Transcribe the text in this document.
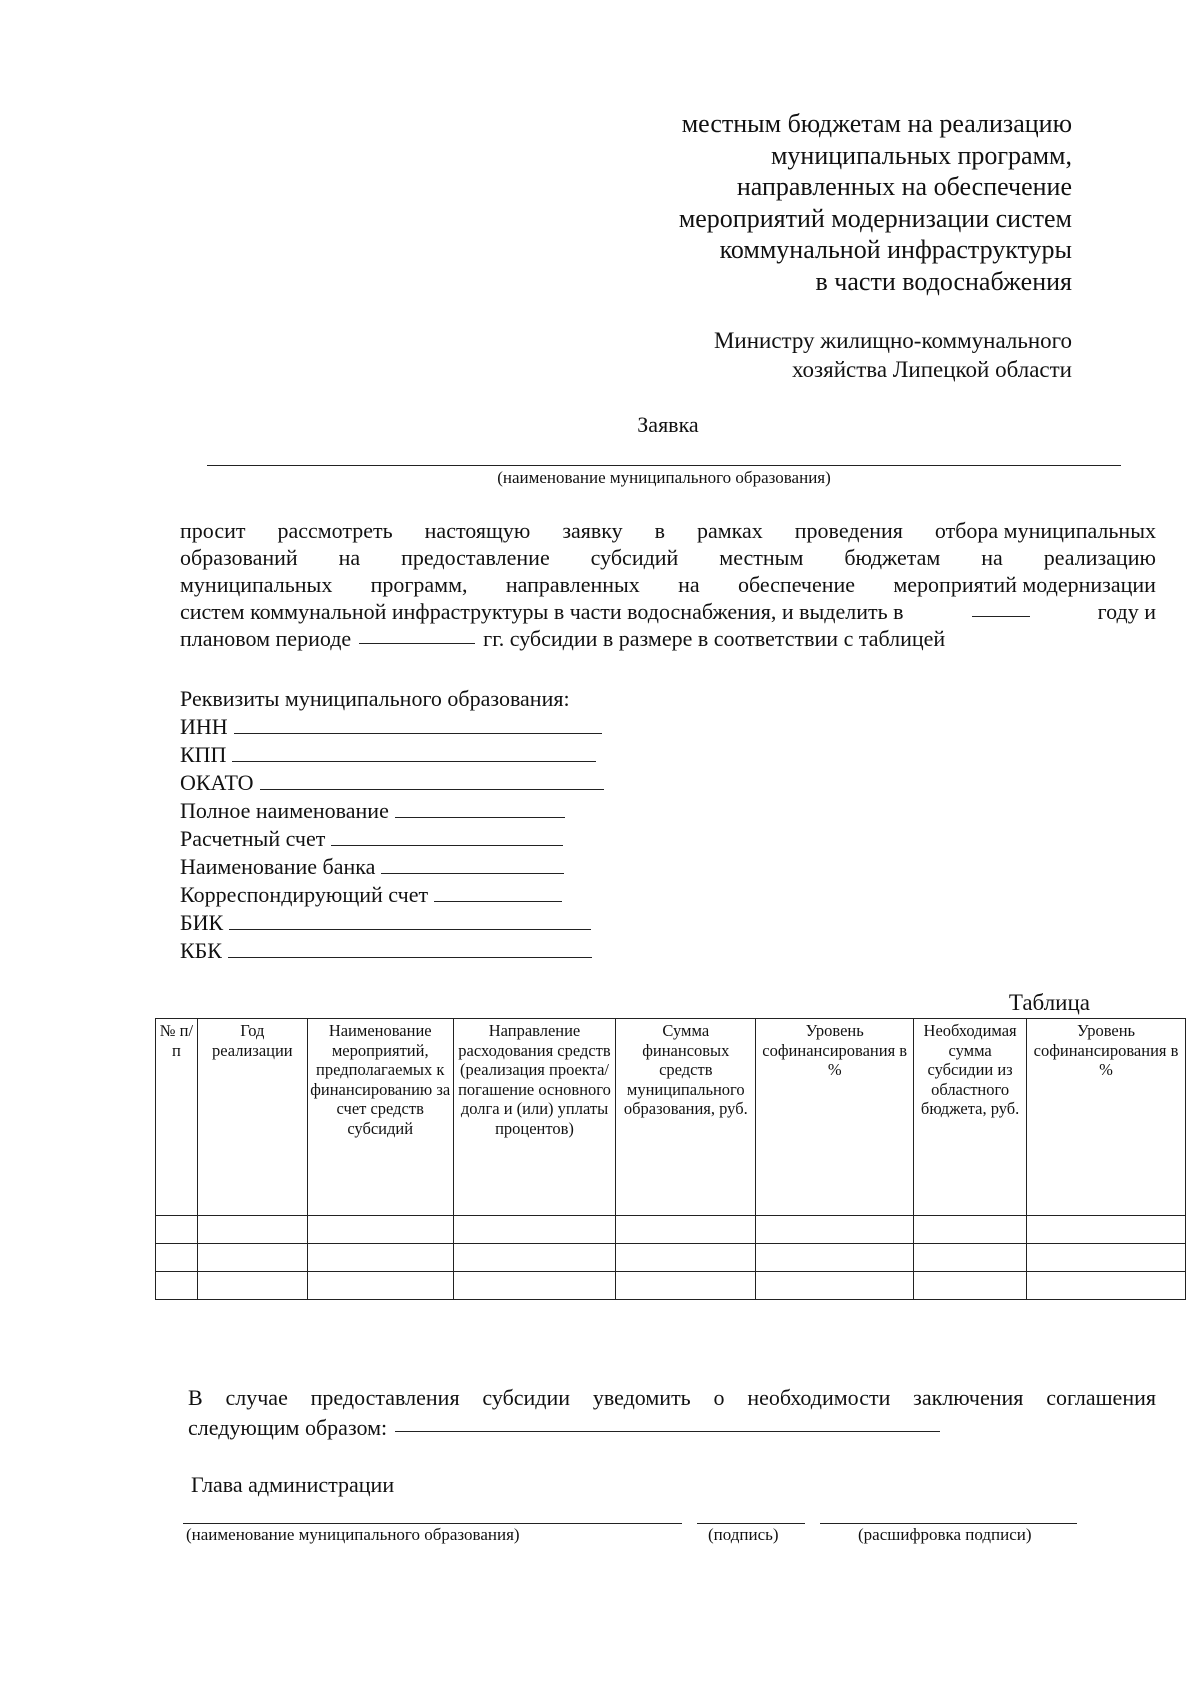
местным бюджетам на реализацию
муниципальных программ,
направленных на обеспечение
мероприятий модернизации систем
коммунальной инфраструктуры
в части водоснабжения
Министру жилищно-коммунального
хозяйства Липецкой области
Заявка
(наименование муниципального образования)
просит рассмотреть настоящую заявку в рамках проведения отбора муниципальных
образований на предоставление субсидий местным бюджетам на реализацию
муниципальных программ, направленных на обеспечение мероприятий модернизации
систем коммунальной инфраструктуры в части водоснабжения, и выделить в	году и
плановом периоде	гг. субсидии в размере в соответствии с таблицей
Реквизиты муниципального образования:
ИНН
КПП
ОКАТО
Полное наименование
Расчетный счет
Наименование банка
Корреспондирующий счет
БИК
КБК
Таблица
№ п/п	Год реализации	Наименование мероприятий, предполагаемых к финансированию за счет средств субсидий	Направление расходования средств (реализация проекта/погашение основного долга и (или) уплаты процентов)	Сумма финансовых средств муниципального образования, руб.	Уровень софинансирования в %	Необходимая сумма субсидии из областного бюджета, руб.	Уровень софинансирования в %

В случае предоставления субсидии уведомить о необходимости заключения соглашения
следующим образом:
Глава администрации
(наименование муниципального образования)	(подпись)	(расшифровка подписи)
